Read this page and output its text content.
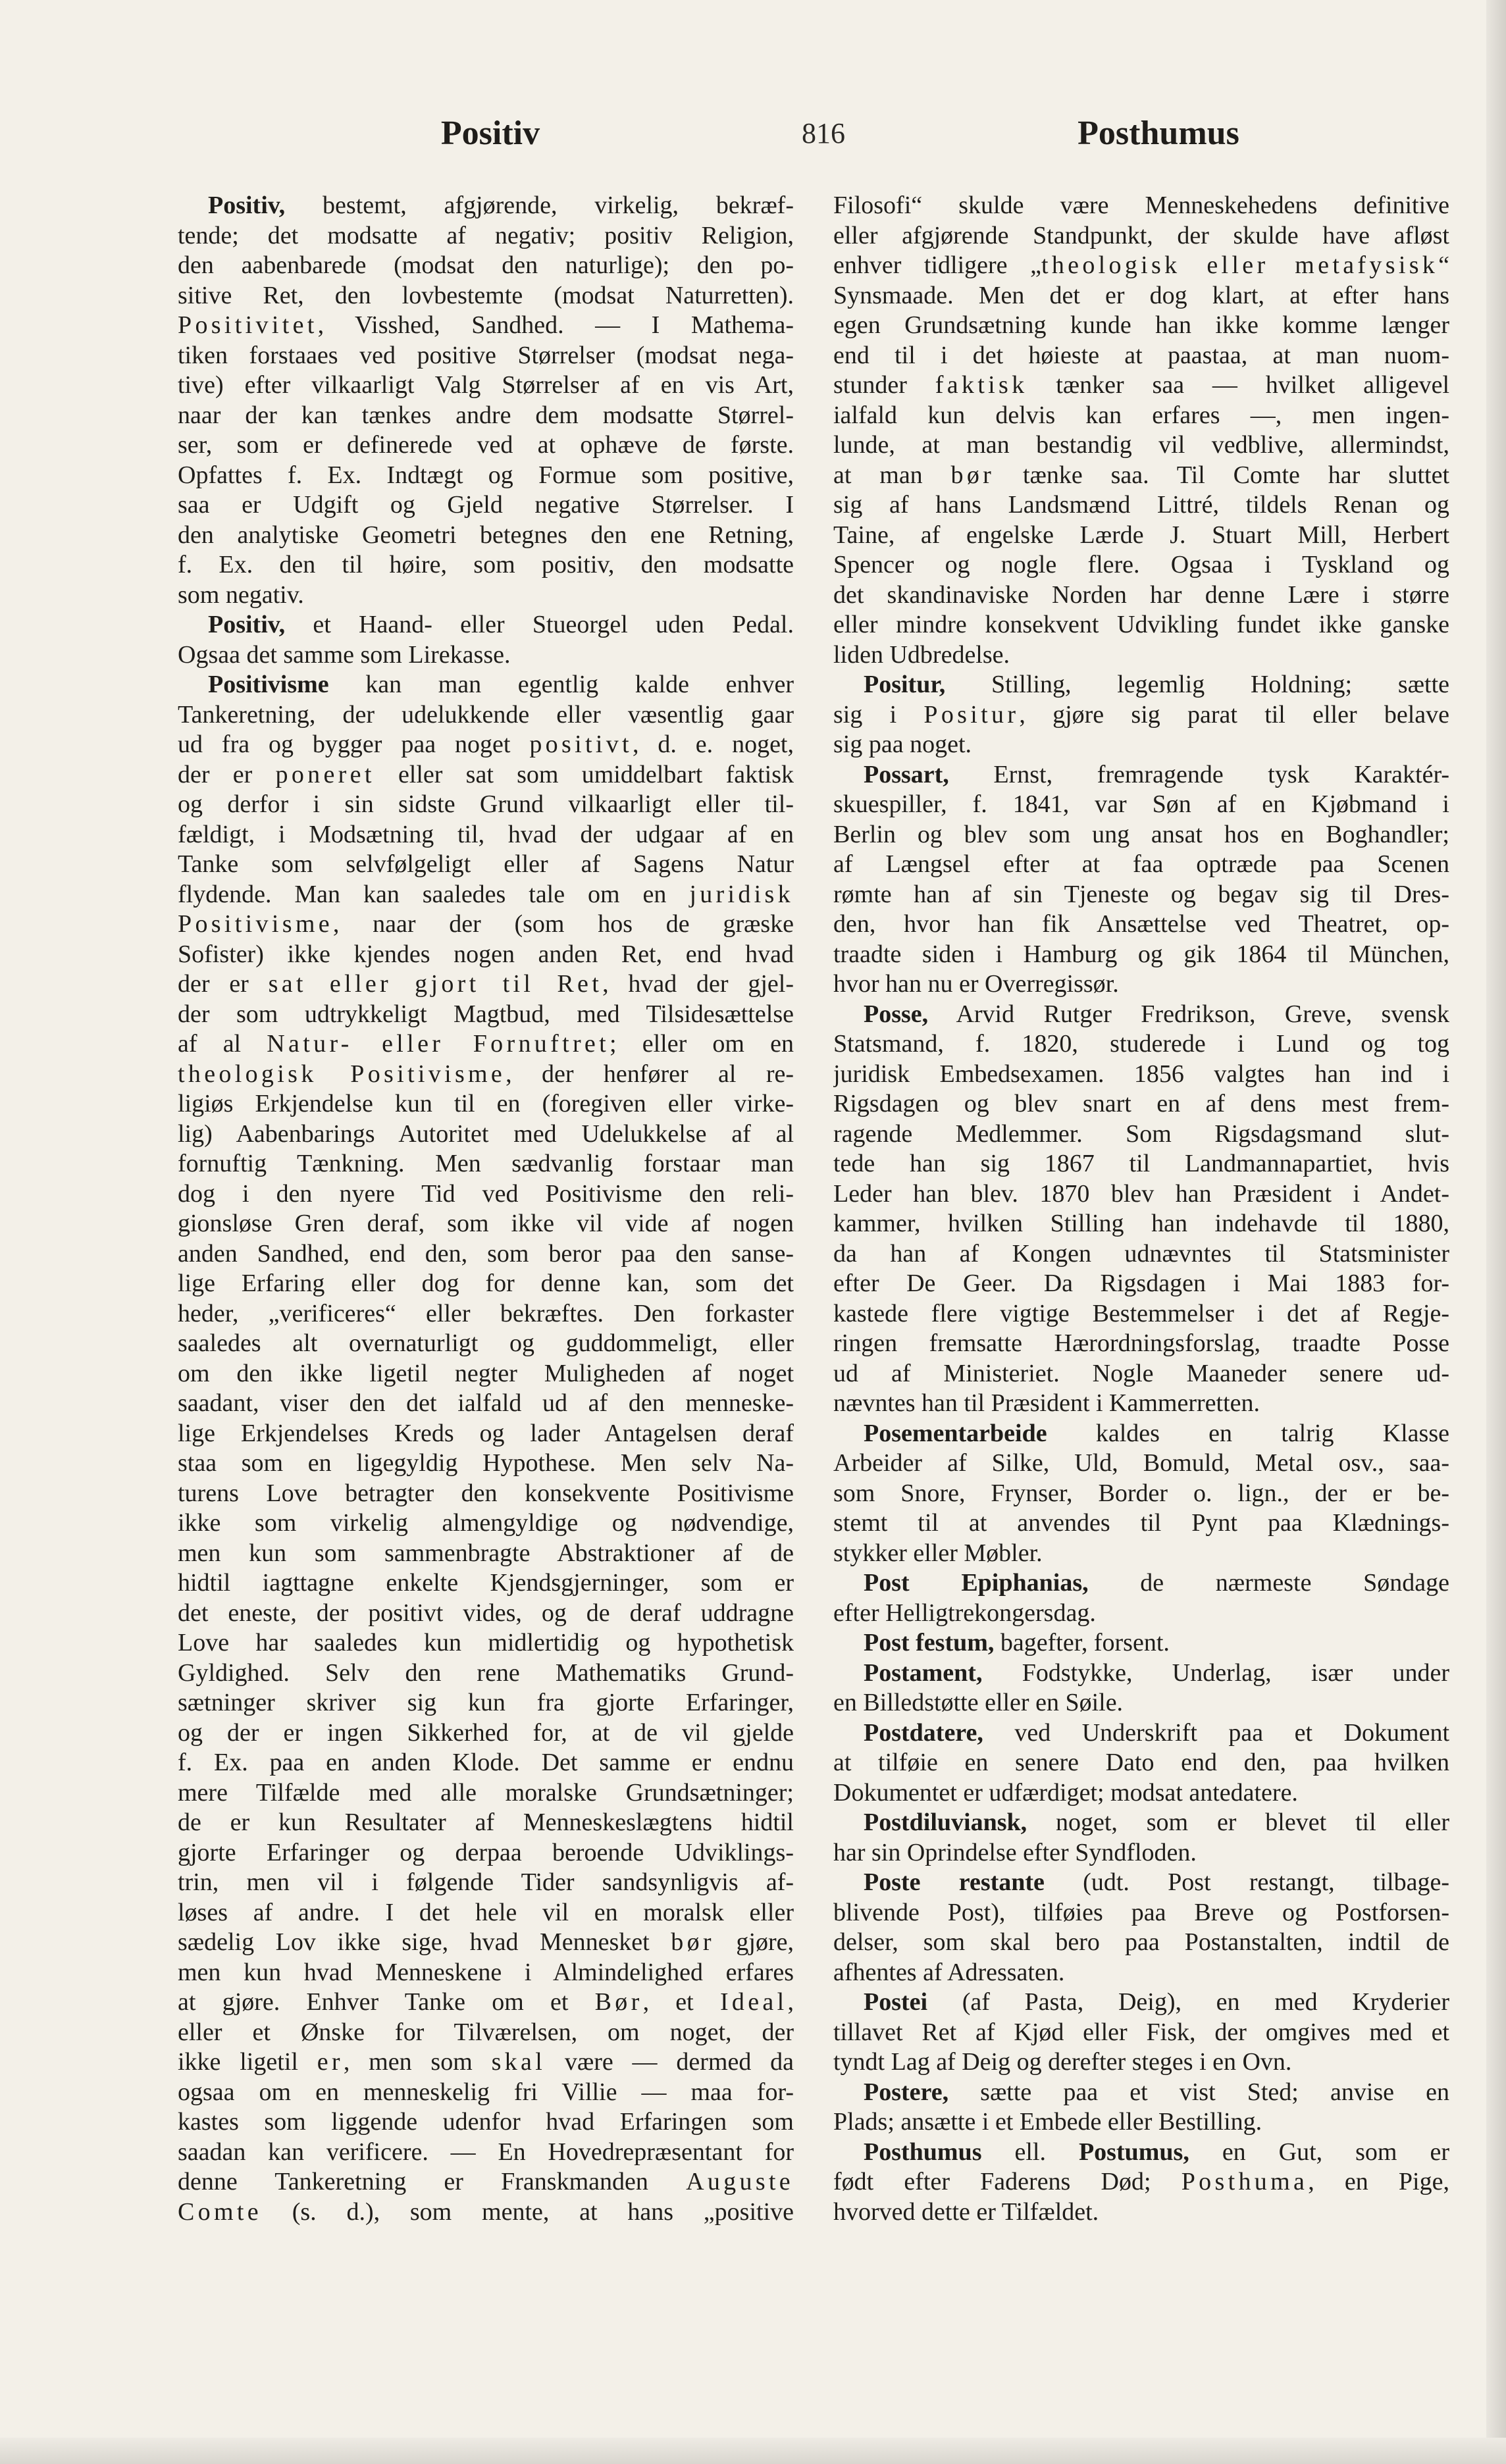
Positiv	816	Posthumus
Positiv, bestemt, afgjørende, virkelig, bekræf-
tende; det modsatte af negativ; positiv Religion,
den aabenbarede (modsat den naturlige); den po-
sitive Ret, den lovbestemte (modsat Naturretten).
Positivitet, Visshed, Sandhed. — I Mathema-
tiken forstaaes ved positive Størrelser (modsat nega-
tive) efter vilkaarligt Valg Størrelser af en vis Art,
naar der kan tænkes andre dem modsatte Størrel-
ser, som er definerede ved at ophæve de første.
Opfattes f. Ex. Indtægt og Formue som positive,
saa er Udgift og Gjeld negative Størrelser. I
den analytiske Geometri betegnes den ene Retning,
f. Ex. den til høire, som positiv, den modsatte
som negativ.
Positiv, et Haand- eller Stueorgel uden Pedal.
Ogsaa det samme som Lirekasse.
Positivisme kan man egentlig kalde enhver
Tankeretning, der udelukkende eller væsentlig gaar
ud fra og bygger paa noget positivt, d. e. noget,
der er poneret eller sat som umiddelbart faktisk
og derfor i sin sidste Grund vilkaarligt eller til-
fældigt, i Modsætning til, hvad der udgaar af en
Tanke som selvfølgeligt eller af Sagens Natur
flydende. Man kan saaledes tale om en juridisk
Positivisme, naar der (som hos de græske
Sofister) ikke kjendes nogen anden Ret, end hvad
der er sat eller gjort til Ret, hvad der gjel-
der som udtrykkeligt Magtbud, med Tilsidesættelse
af al Natur- eller Fornuftret; eller om en
theologisk Positivisme, der henfører al re-
ligiøs Erkjendelse kun til en (foregiven eller virke-
lig) Aabenbarings Autoritet med Udelukkelse af al
fornuftig Tænkning. Men sædvanlig forstaar man
dog i den nyere Tid ved Positivisme den reli-
gionsløse Gren deraf, som ikke vil vide af nogen
anden Sandhed, end den, som beror paa den sanse-
lige Erfaring eller dog for denne kan, som det
heder, „verificeres“ eller bekræftes. Den forkaster
saaledes alt overnaturligt og guddommeligt, eller
om den ikke ligetil negter Muligheden af noget
saadant, viser den det ialfald ud af den menneske-
lige Erkjendelses Kreds og lader Antagelsen deraf
staa som en ligegyldig Hypothese. Men selv Na-
turens Love betragter den konsekvente Positivisme
ikke som virkelig almengyldige og nødvendige,
men kun som sammenbragte Abstraktioner af de
hidtil iagttagne enkelte Kjendsgjerninger, som er
det eneste, der positivt vides, og de deraf uddragne
Love har saaledes kun midlertidig og hypothetisk
Gyldighed. Selv den rene Mathematiks Grund-
sætninger skriver sig kun fra gjorte Erfaringer,
og der er ingen Sikkerhed for, at de vil gjelde
f. Ex. paa en anden Klode. Det samme er endnu
mere Tilfælde med alle moralske Grundsætninger;
de er kun Resultater af Menneskeslægtens hidtil
gjorte Erfaringer og derpaa beroende Udviklings-
trin, men vil i følgende Tider sandsynligvis af-
løses af andre. I det hele vil en moralsk eller
sædelig Lov ikke sige, hvad Mennesket bør gjøre,
men kun hvad Menneskene i Almindelighed erfares
at gjøre. Enhver Tanke om et Bør, et Ideal,
eller et Ønske for Tilværelsen, om noget, der
ikke ligetil er, men som skal være — dermed da
ogsaa om en menneskelig fri Villie — maa for-
kastes som liggende udenfor hvad Erfaringen som
saadan kan verificere. — En Hovedrepræsentant for
denne Tankeretning er Franskmanden Auguste
Comte (s. d.), som mente, at hans „positive
Filosofi“ skulde være Menneskehedens definitive
eller afgjørende Standpunkt, der skulde have afløst
enhver tidligere „theologisk eller metafysisk“
Synsmaade. Men det er dog klart, at efter hans
egen Grundsætning kunde han ikke komme længer
end til i det høieste at paastaa, at man nuom-
stunder faktisk tænker saa — hvilket alligevel
ialfald kun delvis kan erfares —, men ingen-
lunde, at man bestandig vil vedblive, allermindst,
at man bør tænke saa. Til Comte har sluttet
sig af hans Landsmænd Littré, tildels Renan og
Taine, af engelske Lærde J. Stuart Mill, Herbert
Spencer og nogle flere. Ogsaa i Tyskland og
det skandinaviske Norden har denne Lære i større
eller mindre konsekvent Udvikling fundet ikke ganske
liden Udbredelse.
Positur, Stilling, legemlig Holdning; sætte
sig i Positur, gjøre sig parat til eller belave
sig paa noget.
Possart, Ernst, fremragende tysk Karaktér-
skuespiller, f. 1841, var Søn af en Kjøbmand i
Berlin og blev som ung ansat hos en Boghandler;
af Længsel efter at faa optræde paa Scenen
rømte han af sin Tjeneste og begav sig til Dres-
den, hvor han fik Ansættelse ved Theatret, op-
traadte siden i Hamburg og gik 1864 til München,
hvor han nu er Overregissør.
Posse, Arvid Rutger Fredrikson, Greve, svensk
Statsmand, f. 1820, studerede i Lund og tog
juridisk Embedsexamen. 1856 valgtes han ind i
Rigsdagen og blev snart en af dens mest frem-
ragende Medlemmer. Som Rigsdagsmand slut-
tede han sig 1867 til Landmannapartiet, hvis
Leder han blev. 1870 blev han Præsident i Andet-
kammer, hvilken Stilling han indehavde til 1880,
da han af Kongen udnævntes til Statsminister
efter De Geer. Da Rigsdagen i Mai 1883 for-
kastede flere vigtige Bestemmelser i det af Regje-
ringen fremsatte Hærordningsforslag, traadte Posse
ud af Ministeriet. Nogle Maaneder senere ud-
nævntes han til Præsident i Kammerretten.
Posementarbeide kaldes en talrig Klasse
Arbeider af Silke, Uld, Bomuld, Metal osv., saa-
som Snore, Frynser, Border o. lign., der er be-
stemt til at anvendes til Pynt paa Klædnings-
stykker eller Møbler.
Post Epiphanias, de nærmeste Søndage
efter Helligtrekongersdag.
Post festum, bagefter, forsent.
Postament, Fodstykke, Underlag, især under
en Billedstøtte eller en Søile.
Postdatere, ved Underskrift paa et Dokument
at tilføie en senere Dato end den, paa hvilken
Dokumentet er udfærdiget; modsat antedatere.
Postdiluviansk, noget, som er blevet til eller
har sin Oprindelse efter Syndfloden.
Poste restante (udt. Post restangt, tilbage-
blivende Post), tilføies paa Breve og Postforsen-
delser, som skal bero paa Postanstalten, indtil de
afhentes af Adressaten.
Postei (af Pasta, Deig), en med Kryderier
tillavet Ret af Kjød eller Fisk, der omgives med et
tyndt Lag af Deig og derefter steges i en Ovn.
Postere, sætte paa et vist Sted; anvise en
Plads; ansætte i et Embede eller Bestilling.
Posthumus ell. Postumus, en Gut, som er
født efter Faderens Død; Posthuma, en Pige,
hvorved dette er Tilfældet.
